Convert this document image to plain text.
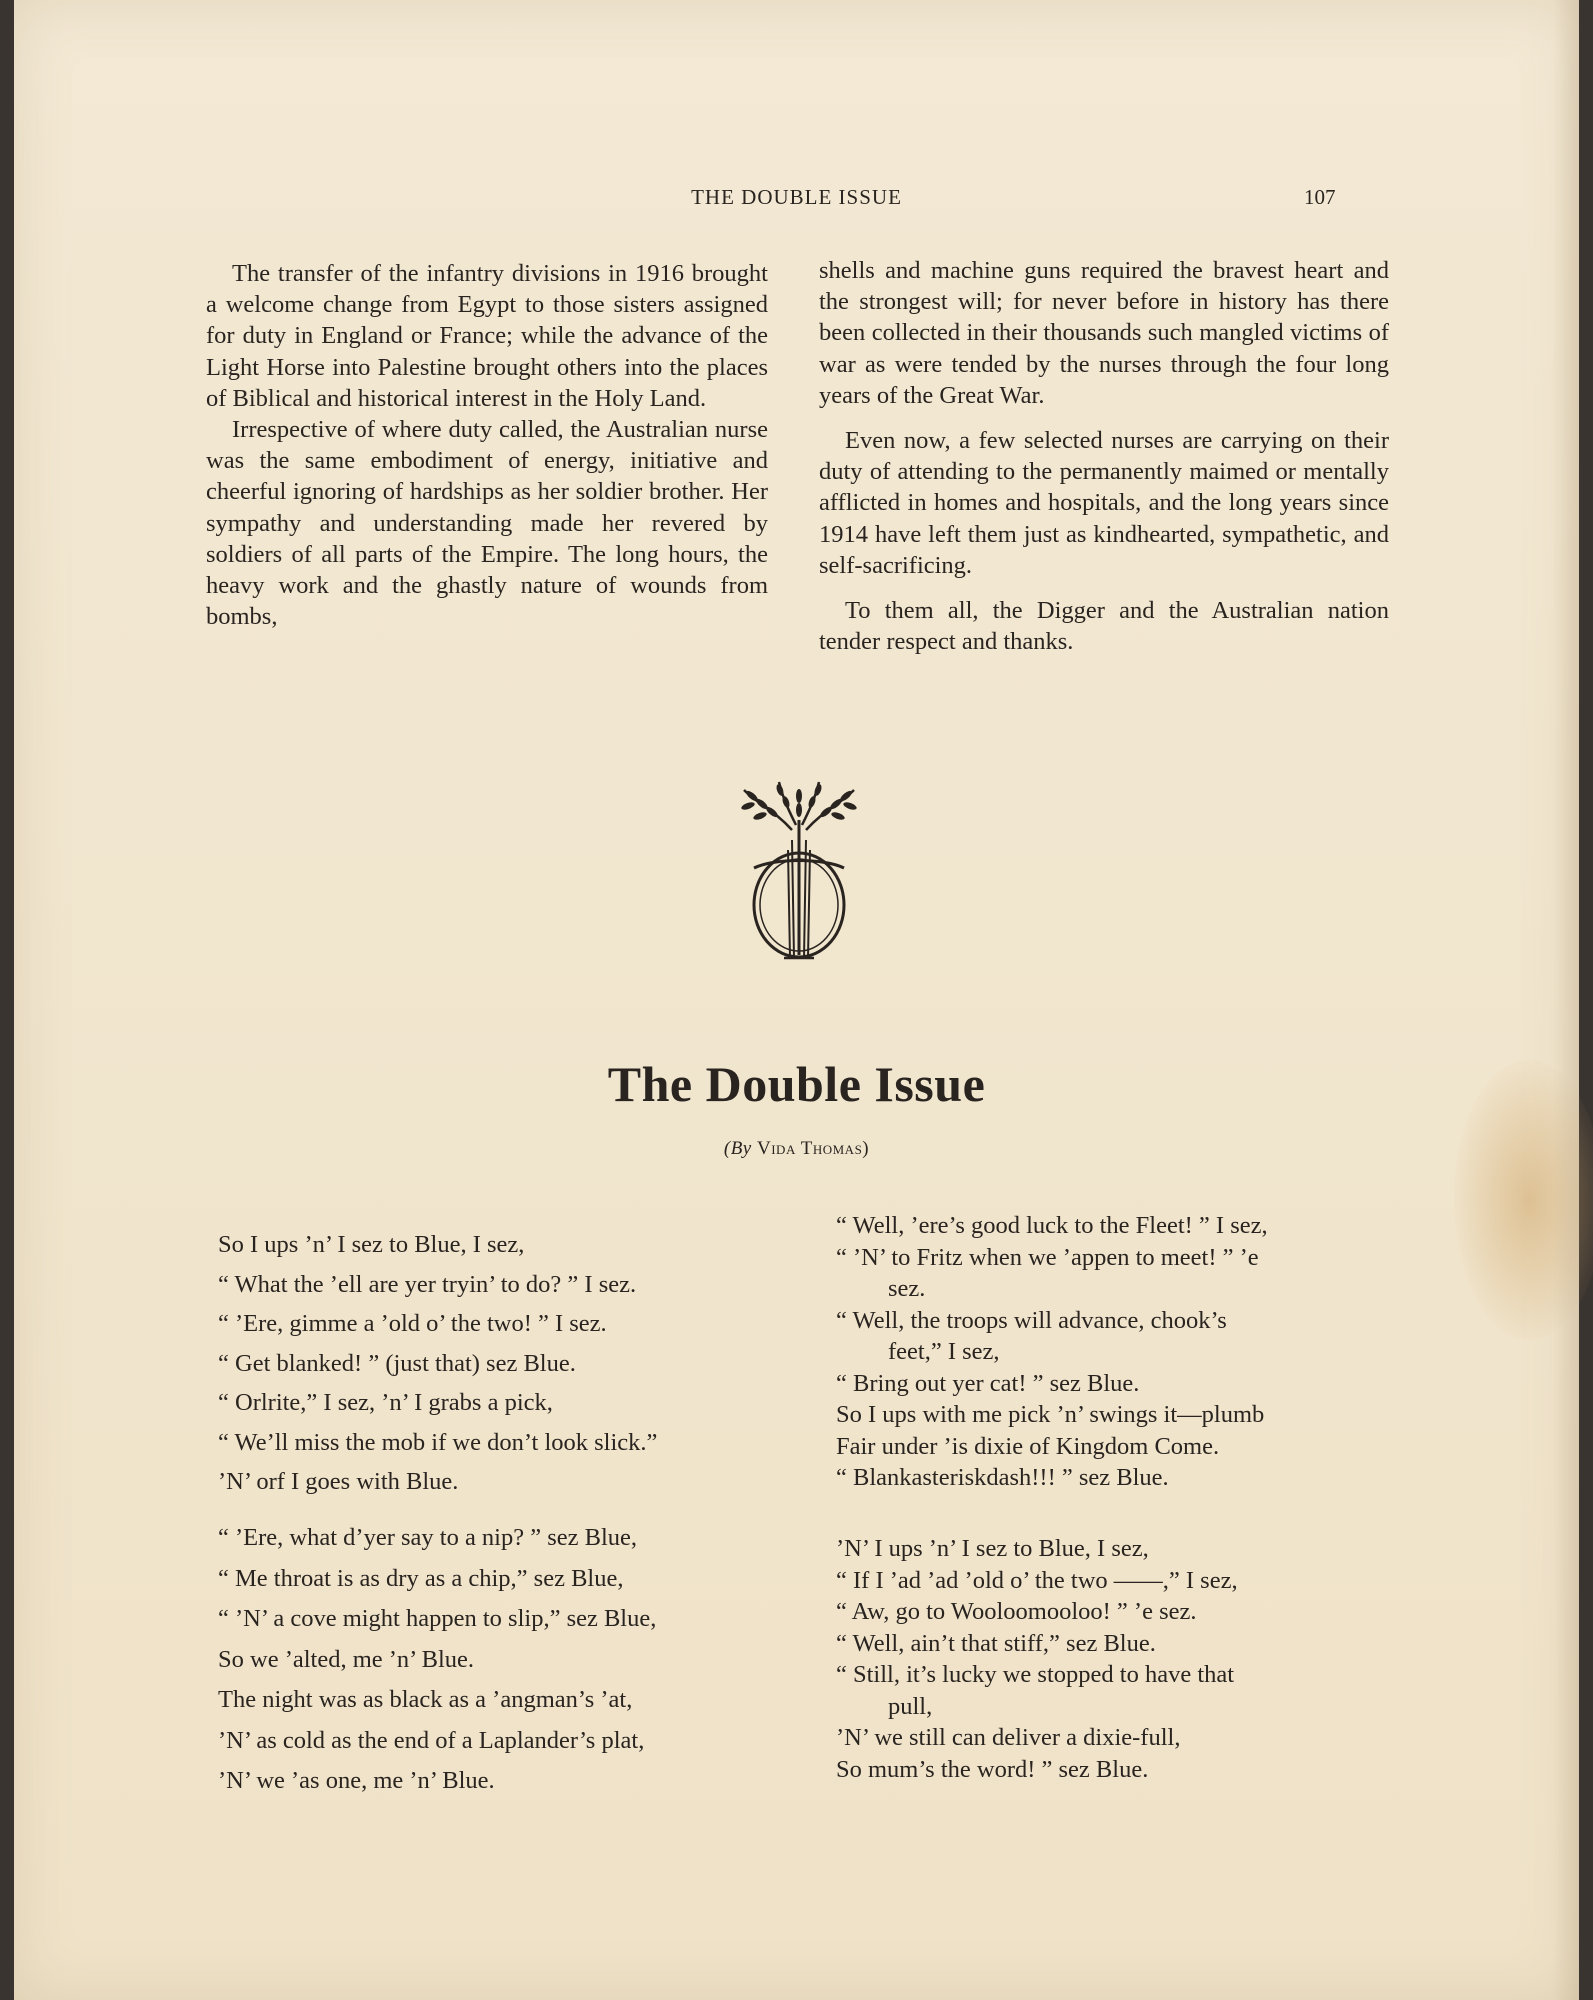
THE DOUBLE ISSUE	107

The transfer of the infantry divisions in 1916 brought a welcome change from Egypt to those sisters assigned for duty in England or France; while the advance of the Light Horse into Palestine brought others into the places of Biblical and historical interest in the Holy Land.

Irrespective of where duty called, the Australian nurse was the same embodiment of energy, initiative and cheerful ignoring of hardships as her soldier brother. Her sympathy and understanding made her revered by soldiers of all parts of the Empire. The long hours, the heavy work and the ghastly nature of wounds from bombs,

shells and machine guns required the bravest heart and the strongest will; for never before in history has there been collected in their thousands such mangled victims of war as were tended by the nurses through the four long years of the Great War.

Even now, a few selected nurses are carrying on their duty of attending to the permanently maimed or mentally afflicted in homes and hospitals, and the long years since 1914 have left them just as kindhearted, sympathetic, and self-sacrificing.

To them all, the Digger and the Australian nation tender respect and thanks.

The Double Issue
(By Vida Thomas)
So I ups ’n’ I sez to Blue, I sez,
“ What the ’ell are yer tryin’ to do? ” I sez.
“ ’Ere, gimme a ’old o’ the two! ” I sez.
“ Get blanked! ” (just that) sez Blue.
“ Orlrite,” I sez, ’n’ I grabs a pick,
“ We’ll miss the mob if we don’t look slick.”
’N’ orf I goes with Blue.
“ ’Ere, what d’yer say to a nip? ” sez Blue,
“ Me throat is as dry as a chip,” sez Blue,
“ ’N’ a cove might happen to slip,” sez Blue,
So we ’alted, me ’n’ Blue.
The night was as black as a ’angman’s ’at,
’N’ as cold as the end of a Laplander’s plat,
’N’ we ’as one, me ’n’ Blue.
“ Well, ’ere’s good luck to the Fleet! ” I sez,
“ ’N’ to Fritz when we ’appen to meet! ” ’e
sez.
“ Well, the troops will advance, chook’s
feet,” I sez,
“ Bring out yer cat! ” sez Blue.
So I ups with me pick ’n’ swings it—plumb
Fair under ’is dixie of Kingdom Come.
“ Blankasteriskdash!!! ” sez Blue.
’N’ I ups ’n’ I sez to Blue, I sez,
“ If I ’ad ’ad ’old o’ the two ——,” I sez,
“ Aw, go to Wooloomooloo! ” ’e sez.
“ Well, ain’t that stiff,” sez Blue.
“ Still, it’s lucky we stopped to have that
pull,
’N’ we still can deliver a dixie-full,
So mum’s the word! ” sez Blue.
